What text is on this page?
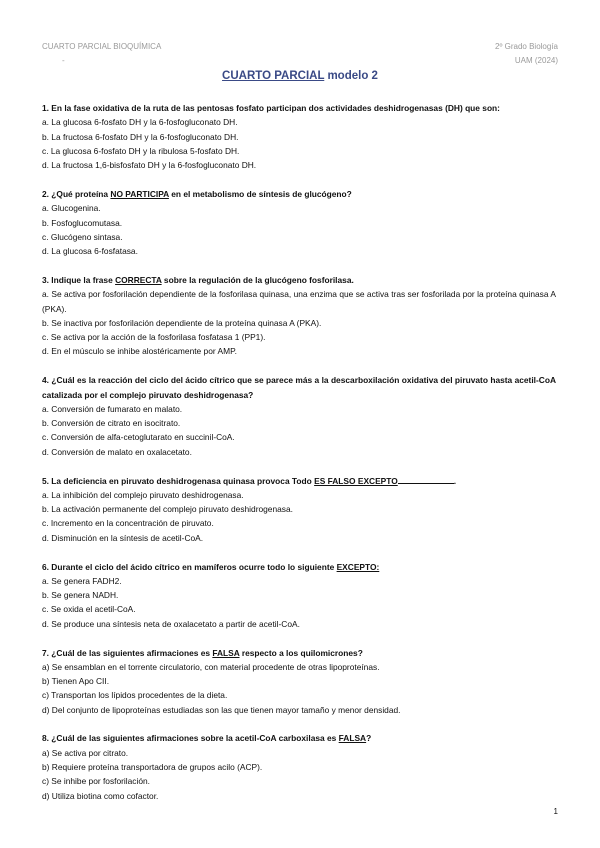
CUARTO PARCIAL BIOQUÍMICA
-
2º Grado Biología
UAM (2024)
CUARTO PARCIAL modelo 2

1. En la fase oxidativa de la ruta de las pentosas fosfato participan dos actividades deshidrogenasas (DH) que son:

a. La glucosa 6-fosfato DH y la 6-fosfogluconato DH.

b. La fructosa 6-fosfato DH y la 6-fosfogluconato DH.

c. La glucosa 6-fosfato DH y la ribulosa 5-fosfato DH.

d. La fructosa 1,6-bisfosfato DH y la 6-fosfogluconato DH.

2. ¿Qué proteína NO PARTICIPA en el metabolismo de síntesis de glucógeno?

a. Glucogenina.

b. Fosfoglucomutasa.

c. Glucógeno sintasa.

d. La glucosa 6-fosfatasa.

3. Indique la frase CORRECTA sobre la regulación de la glucógeno fosforilasa.

a. Se activa por fosforilación dependiente de la fosforilasa quinasa, una enzima que se activa tras ser fosforilada por la proteína quinasa A (PKA).

b. Se inactiva por fosforilación dependiente de la proteína quinasa A (PKA).

c. Se activa por la acción de la fosforilasa fosfatasa 1 (PP1).

d. En el músculo se inhibe alostéricamente por AMP.

4. ¿Cuál es la reacción del ciclo del ácido cítrico que se parece más a la descarboxilación oxidativa del piruvato hasta acetil-CoA catalizada por el complejo piruvato deshidrogenasa?

a. Conversión de fumarato en malato.

b. Conversión de citrato en isocitrato.

c. Conversión de alfa-cetoglutarato en succinil-CoA.

d. Conversión de malato en oxalacetato.

5. La deficiencia en piruvato deshidrogenasa quinasa provoca Todo ES FALSO EXCEPTO	.

a. La inhibición del complejo piruvato deshidrogenasa.

b. La activación permanente del complejo piruvato deshidrogenasa.

c. Incremento en la concentración de piruvato.

d. Disminución en la síntesis de acetil-CoA.

6. Durante el ciclo del ácido cítrico en mamíferos ocurre todo lo siguiente EXCEPTO:

a. Se genera FADH2.

b. Se genera NADH.

c. Se oxida el acetil-CoA.

d. Se produce una síntesis neta de oxalacetato a partir de acetil-CoA.

7. ¿Cuál de las siguientes afirmaciones es FALSA respecto a los quilomicrones?

a) Se ensamblan en el torrente circulatorio, con material procedente de otras lipoproteínas.

b) Tienen Apo CII.

c) Transportan los lípidos procedentes de la dieta.

d) Del conjunto de lipoproteínas estudiadas son las que tienen mayor tamaño y menor densidad.

8. ¿Cuál de las siguientes afirmaciones sobre la acetil-CoA carboxilasa es FALSA?

a) Se activa por citrato.

b) Requiere proteína transportadora de grupos acilo (ACP).

c) Se inhibe por fosforilación.

d) Utiliza biotina como cofactor.

1
